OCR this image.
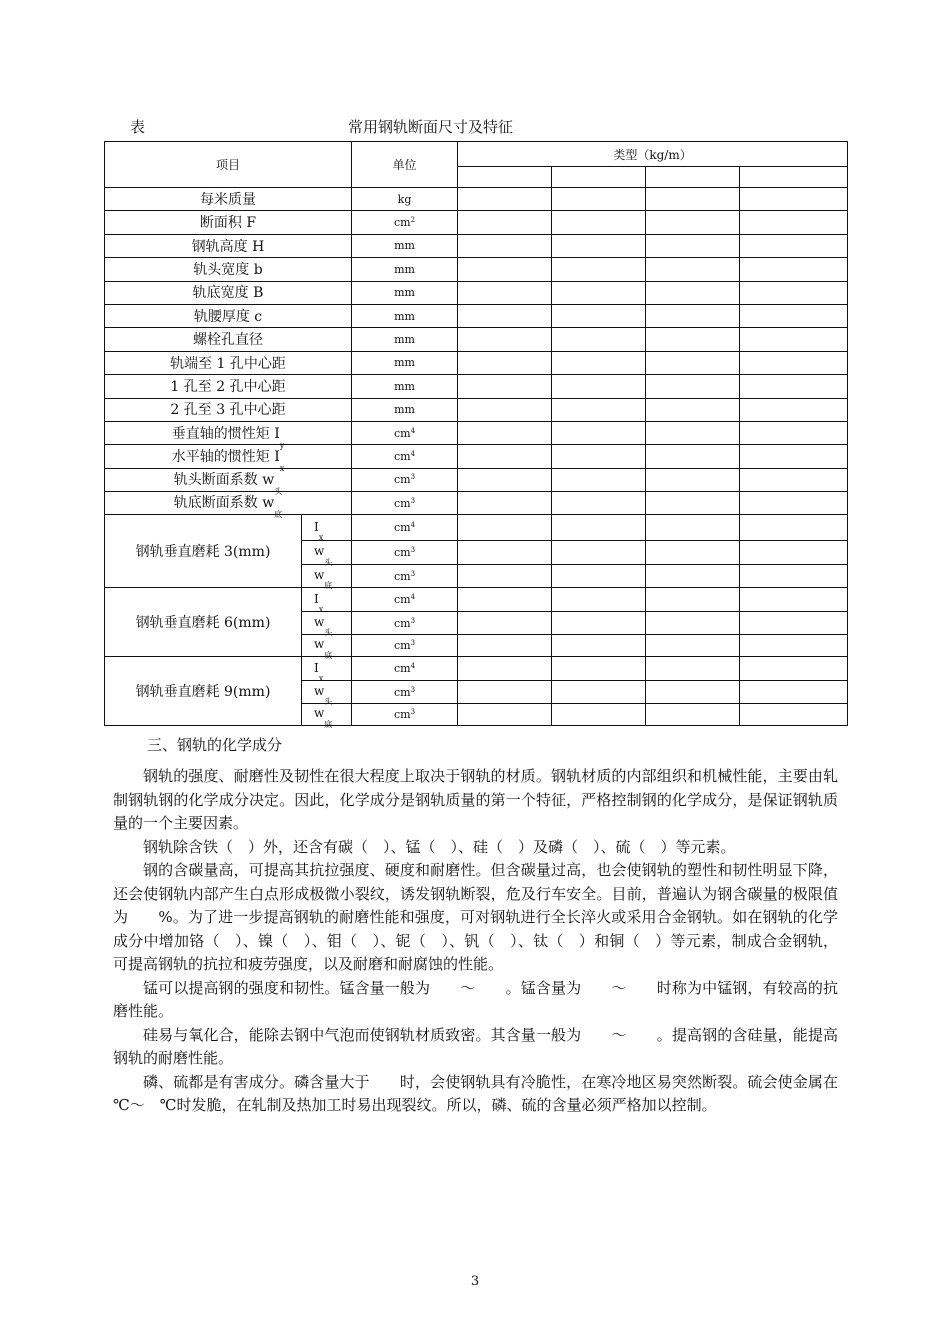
表	常用钢轨断面尺寸及特征
项目		单位	类型（kg/m）			

每米质量		kg				
断面积 F		$cm^2$				
钢轨高度 H		mm				
轨头宽度 b		mm				
轨底宽度 B		mm				
轨腰厚度 c		mm				
螺栓孔直径		mm				
轨端至 1 孔中心距		mm				
1 孔至 2 孔中心距		mm				
2 孔至 3 孔中心距		mm				
垂直轴的惯性矩 $I_y$		$cm^4$				
水平轴的惯性矩 $I_x$		$cm^4$				
轨头断面系数 $w_头$		$cm^3$				
轨底断面系数 $w_底$		$cm^3$				
钢轨垂直磨耗 3(mm)	$I_x$	$cm^4$				
	$w_头$	$cm^3$				
	$w_底$	$cm^3$				
钢轨垂直磨耗 6(mm)	$I_x$	$cm^4$				
	$w_头$	$cm^3$				
	$w_底$	$cm^3$				
钢轨垂直磨耗 9(mm)	$I_x$	$cm^4$				
	$w_头$	$cm^3$				
	$w_底$	$cm^3$				
三、钢轨的化学成分

钢轨的强度、耐磨性及韧性在很大程度上取决于钢轨的材质。钢轨材质的内部组织和机械性能，主要由轧制钢轨钢的化学成分决定。因此，化学成分是钢轨质量的第一个特征，严格控制钢的化学成分，是保证钢轨质量的一个主要因素。

钢轨除含铁（　）外，还含有碳（　）、锰（　）、硅（　）及磷（　）、硫（　）等元素。

钢的含碳量高，可提高其抗拉强度、硬度和耐磨性。但含碳量过高，也会使钢轨的塑性和韧性明显下降，还会使钢轨内部产生白点形成极微小裂纹，诱发钢轨断裂，危及行车安全。目前，普遍认为钢含碳量的极限值为　　%。为了进一步提高钢轨的耐磨性能和强度，可对钢轨进行全长淬火或采用合金钢轨。如在钢轨的化学成分中增加铬（　）、镍（　）、钼（　）、铌（　）、钒（　）、钛（　）和铜（　）等元素，制成合金钢轨，可提高钢轨的抗拉和疲劳强度，以及耐磨和耐腐蚀的性能。

锰可以提高钢的强度和韧性。锰含量一般为　　～　　。锰含量为　　～　　时称为中锰钢，有较高的抗磨性能。

硅易与氧化合，能除去钢中气泡而使钢轨材质致密。其含量一般为　　～　　。提高钢的含硅量，能提高钢轨的耐磨性能。

磷、硫都是有害成分。磷含量大于　　时，会使钢轨具有冷脆性，在寒冷地区易突然断裂。硫会使金属在　℃～　℃时发脆，在轧制及热加工时易出现裂纹。所以，磷、硫的含量必须严格加以控制。

3
